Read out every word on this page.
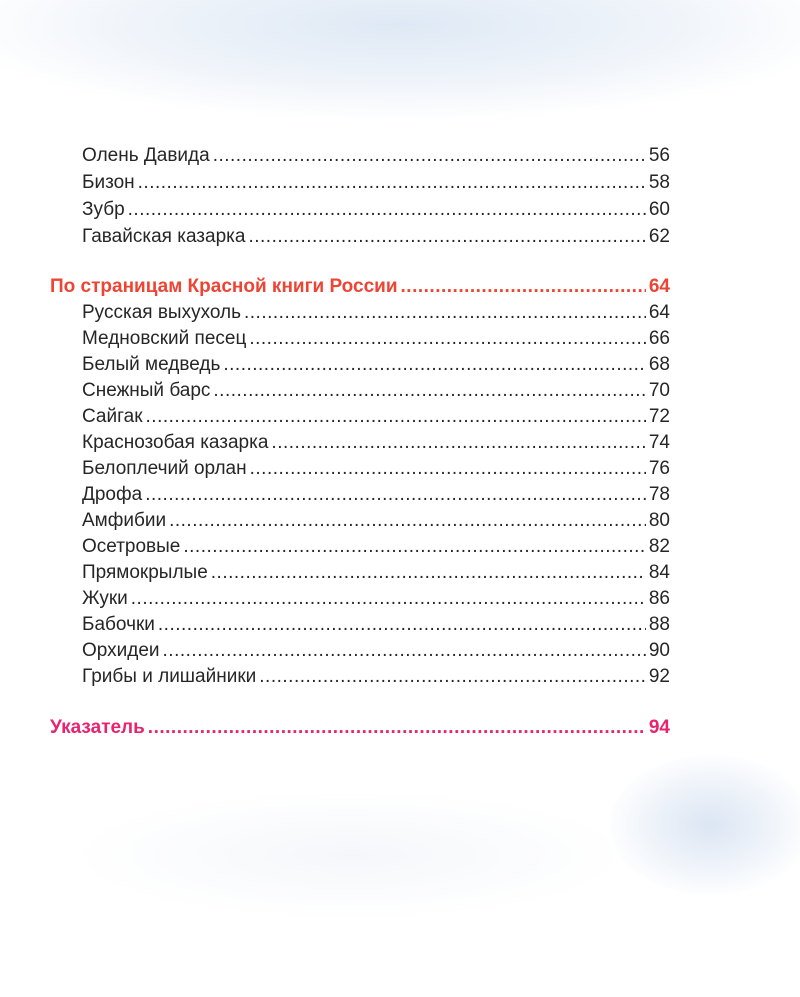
Олень Давида .....	56
Бизон .....	58
Зубр .....	60
Гавайская казарка .....	62
По страницам Красной книги России .....	64
Русская выхухоль .....	64
Медновский песец .....	66
Белый медведь .....	68
Снежный барс .....	70
Сайгак .....	72
Краснозобая казарка .....	74
Белоплечий орлан .....	76
Дрофа .....	78
Амфибии .....	80
Осетровые .....	82
Прямокрылые .....	84
Жуки .....	86
Бабочки .....	88
Орхидеи .....	90
Грибы и лишайники .....	92
Указатель .....	94
